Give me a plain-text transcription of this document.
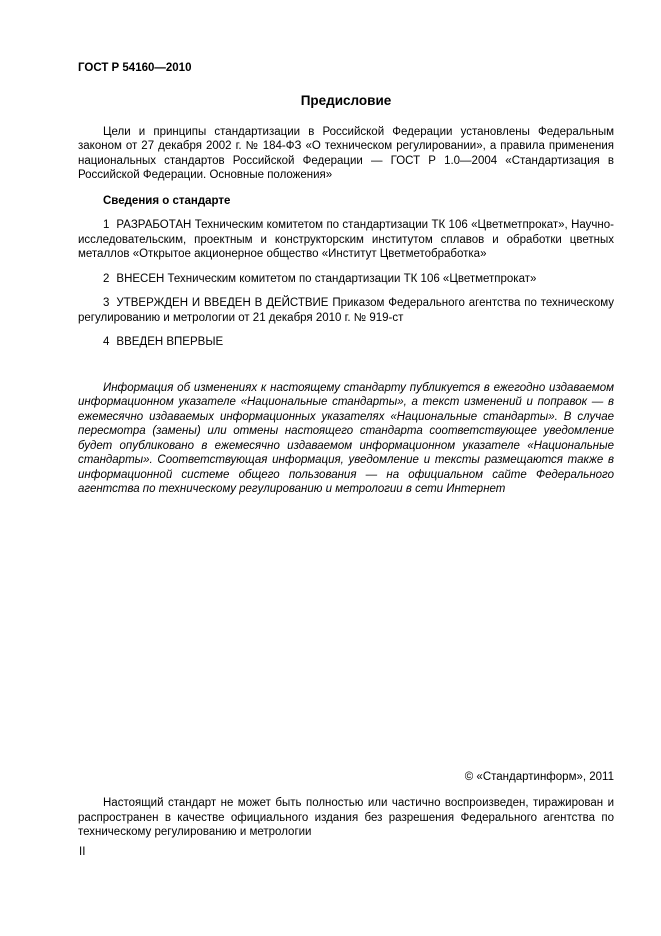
ГОСТ Р 54160—2010
Предисловие

Цели и принципы стандартизации в Российской Федерации установлены Федеральным законом от 27 декабря 2002 г. № 184-ФЗ «О техническом регулировании», а правила применения национальных стандартов Российской Федерации — ГОСТ Р 1.0—2004 «Стандартизация в Российской Федерации. Основные положения»

Сведения о стандарте

1 РАЗРАБОТАН Техническим комитетом по стандартизации ТК 106 «Цветметпрокат», Научно-исследовательским, проектным и конструкторским институтом сплавов и обработки цветных металлов «Открытое акционерное общество «Институт Цветметобработка»

2 ВНЕСЕН Техническим комитетом по стандартизации ТК 106 «Цветметпрокат»

3 УТВЕРЖДЕН И ВВЕДЕН В ДЕЙСТВИЕ Приказом Федерального агентства по техническому регулированию и метрологии от 21 декабря 2010 г. № 919-ст

4 ВВЕДЕН ВПЕРВЫЕ

Информация об изменениях к настоящему стандарту публикуется в ежегодно издаваемом информационном указателе «Национальные стандарты», а текст изменений и поправок — в ежемесячно издаваемых информационных указателях «Национальные стандарты». В случае пересмотра (замены) или отмены настоящего стандарта соответствующее уведомление будет опубликовано в ежемесячно издаваемом информационном указателе «Национальные стандарты». Соответствующая информация, уведомление и тексты размещаются также в информационной системе общего пользования — на официальном сайте Федерального агентства по техническому регулированию и метрологии в сети Интернет

© «Стандартинформ», 2011

Настоящий стандарт не может быть полностью или частично воспроизведен, тиражирован и распространен в качестве официального издания без разрешения Федерального агентства по техническому регулированию и метрологии

II
